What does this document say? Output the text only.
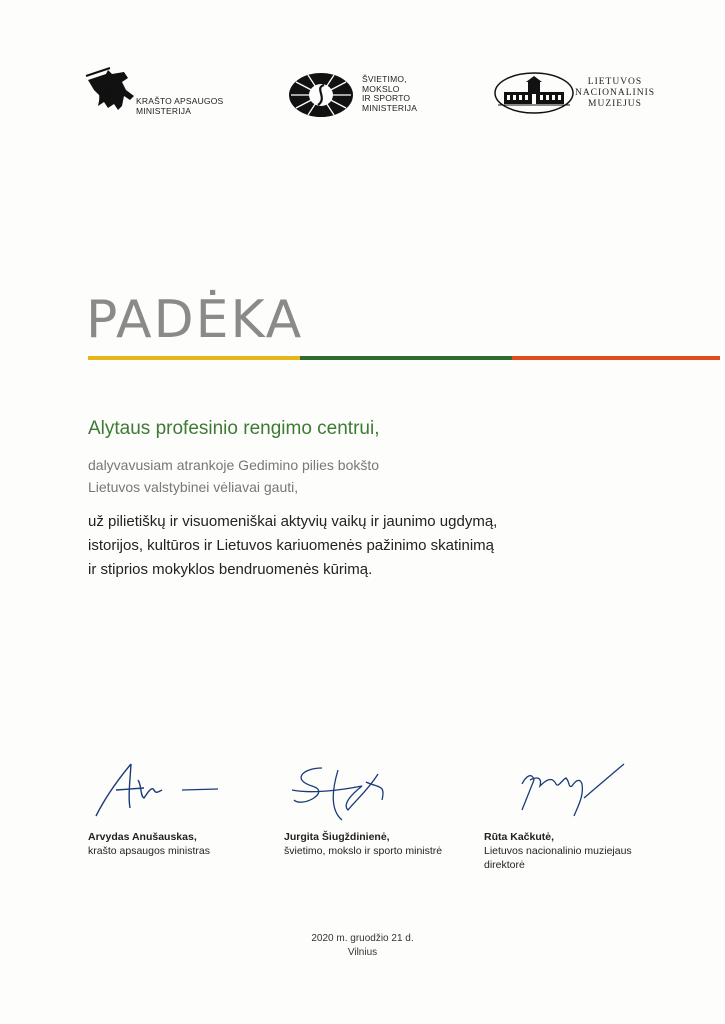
KRAŠTO APSAUGOS
MINISTERIJA
ŠVIETIMO,
MOKSLO
IR SPORTO
MINISTERIJA
LIETUVOS
NACIONALINIS
MUZIEJUS
PADĖKA
Alytaus profesinio rengimo centrui,
dalyvavusiam atrankoje Gedimino pilies bokšto
Lietuvos valstybinei vėliavai gauti,
už pilietiškų ir visuomeniškai aktyvių vaikų ir jaunimo ugdymą,
istorijos, kultūros ir Lietuvos kariuomenės pažinimo skatinimą
ir stiprios mokyklos bendruomenės kūrimą.
Arvydas Anušauskas,
krašto apsaugos ministras
Jurgita Šiugždinienė,
švietimo, mokslo ir sporto ministrė
Rūta Kačkutė,
Lietuvos nacionalinio muziejaus
direktorė
2020 m. gruodžio 21 d.
Vilnius
